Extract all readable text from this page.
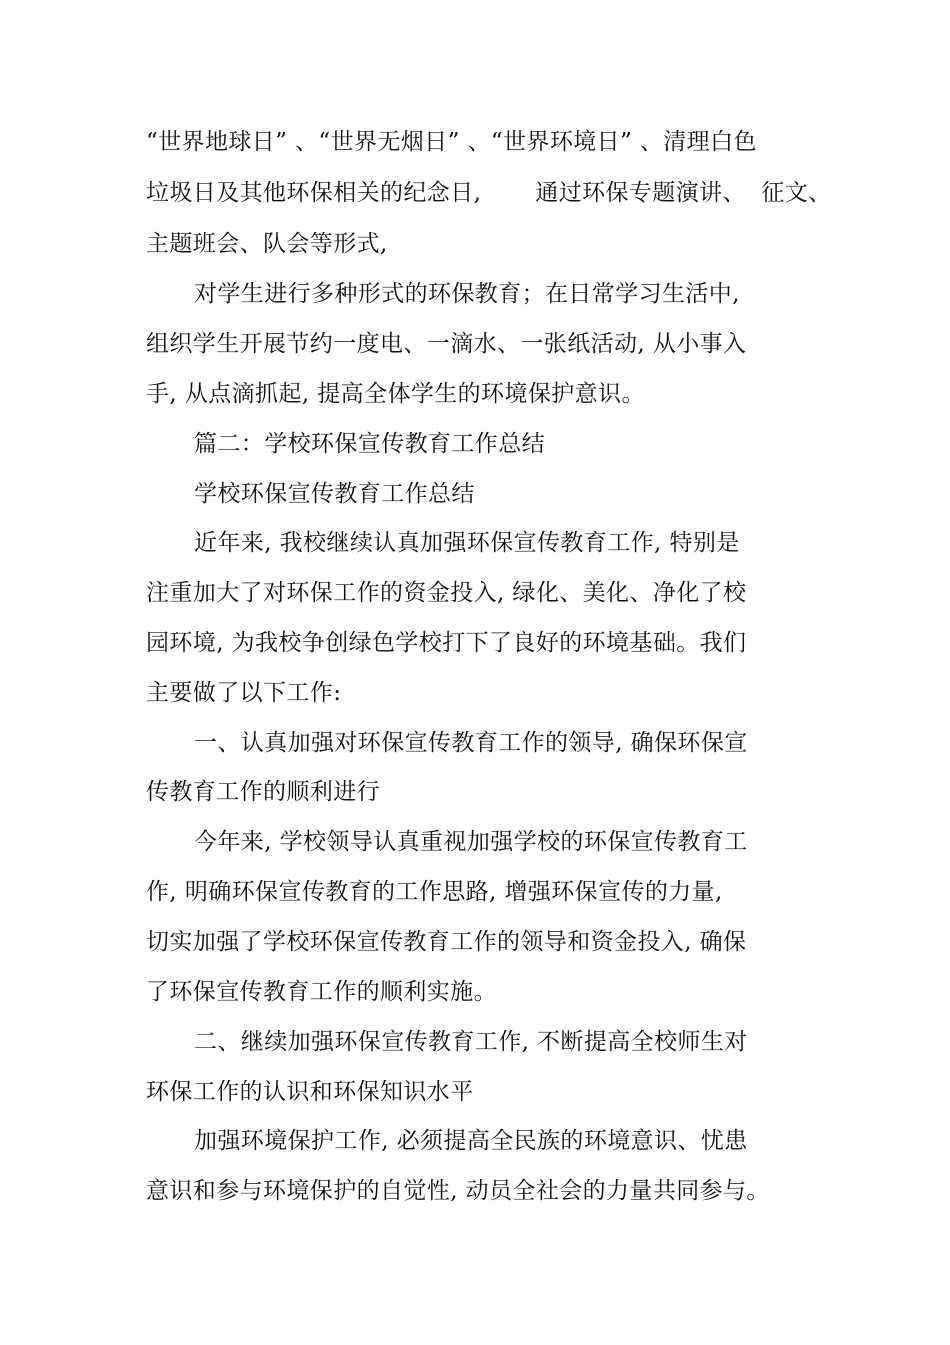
“世界地球日” 、“世界无烟日” 、“世界环境日” 、清理白色
垃圾日及其他环保相关的纪念日,       通过环保专题演讲、  征文、
主题班会、队会等形式,
对学生进行多种形式的环保教育；在日常学习生活中,
组织学生开展节约一度电、一滴水、一张纸活动, 从小事入
手, 从点滴抓起, 提高全体学生的环境保护意识。
篇二：学校环保宣传教育工作总结
学校环保宣传教育工作总结
近年来, 我校继续认真加强环保宣传教育工作, 特别是
注重加大了对环保工作的资金投入, 绿化、美化、净化了校
园环境, 为我校争创绿色学校打下了良好的环境基础。我们
主要做了以下工作:
一、认真加强对环保宣传教育工作的领导, 确保环保宣
传教育工作的顺利进行
今年来, 学校领导认真重视加强学校的环保宣传教育工
作, 明确环保宣传教育的工作思路, 增强环保宣传的力量,
切实加强了学校环保宣传教育工作的领导和资金投入, 确保
了环保宣传教育工作的顺利实施。
二、继续加强环保宣传教育工作, 不断提高全校师生对
环保工作的认识和环保知识水平
加强环境保护工作, 必须提高全民族的环境意识、忧患
意识和参与环境保护的自觉性, 动员全社会的力量共同参与。
